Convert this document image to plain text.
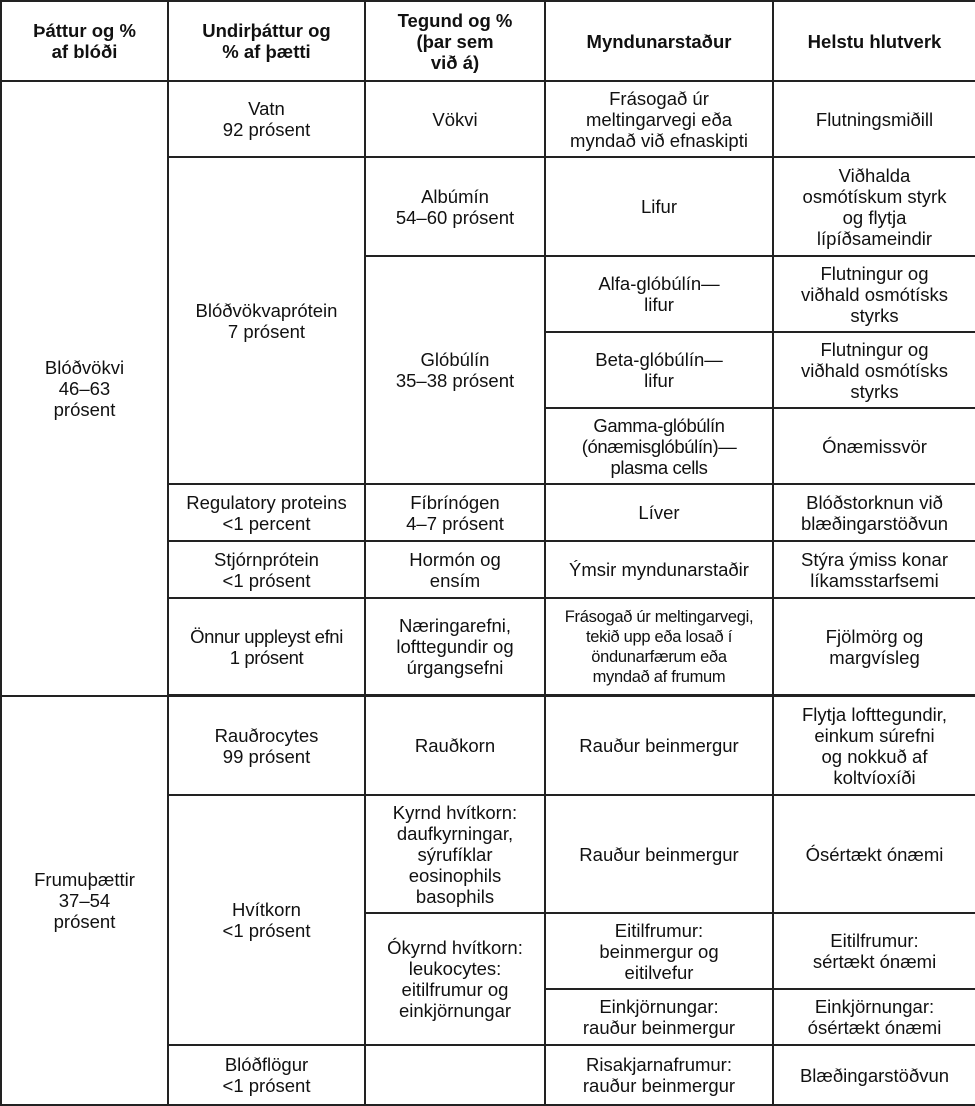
Þáttur og %
af blóði	Undirþáttur og
% af þætti	Tegund og %
(þar sem
við á)	Myndunarstaður	Helstu hlutverk
Blóðvökvi
46–63
prósent	Vatn
92 prósent	Vökvi	Frásogað úr
meltingarvegi eða
myndað við efnaskipti	Flutningsmiðill
	Blóðvökvaprótein
7 prósent	Albúmín
54–60 prósent	Lifur	Viðhalda
osmótískum styrk
og flytja
lípíðsameindir
		Glóbúlín
35–38 prósent	Alfa-glóbúlín—
lifur	Flutningur og
viðhald osmótísks
styrks
			Beta-glóbúlín—
lifur	Flutningur og
viðhald osmótísks
styrks
			Gamma-glóbúlín
(ónæmisglóbúlín)—
plasma cells	Ónæmissvör
	Regulatory proteins
<1 percent	Fíbrínógen
4–7 prósent	Líver	Blóðstorknun við
blæðingarstöðvun
	Stjórnprótein
<1 prósent	Hormón og
ensím	Ýmsir myndunarstaðir	Stýra ýmiss konar
líkamsstarfsemi
	Önnur uppleyst efni
1 prósent	Næringarefni,
lofttegundir og
úrgangsefni	Frásogað úr meltingarvegi,
tekið upp eða losað í
öndunarfærum eða
myndað af frumum	Fjölmörg og
margvísleg

Frumuþættir
37–54
prósent	Rauðrocytes
99 prósent	Rauðkorn	Rauður beinmergur	Flytja lofttegundir,
einkum súrefni
og nokkuð af
koltvíoxíði
	Hvítkorn
<1 prósent	Kyrnd hvítkorn:
daufkyrningar,
sýrufíklar
eosinophils
basophils	Rauður beinmergur	Ósértækt ónæmi
		Ókyrnd hvítkorn:
leukocytes:
eitilfrumur og
einkjörnungar	Eitilfrumur:
beinmergur og
eitilvefur	Eitilfrumur:
sértækt ónæmi
			Einkjörnungar:
rauður beinmergur	Einkjörnungar:
ósértækt ónæmi
	Blóðflögur
<1 prósent		Risakjarnafrumur:
rauður beinmergur	Blæðingarstöðvun
